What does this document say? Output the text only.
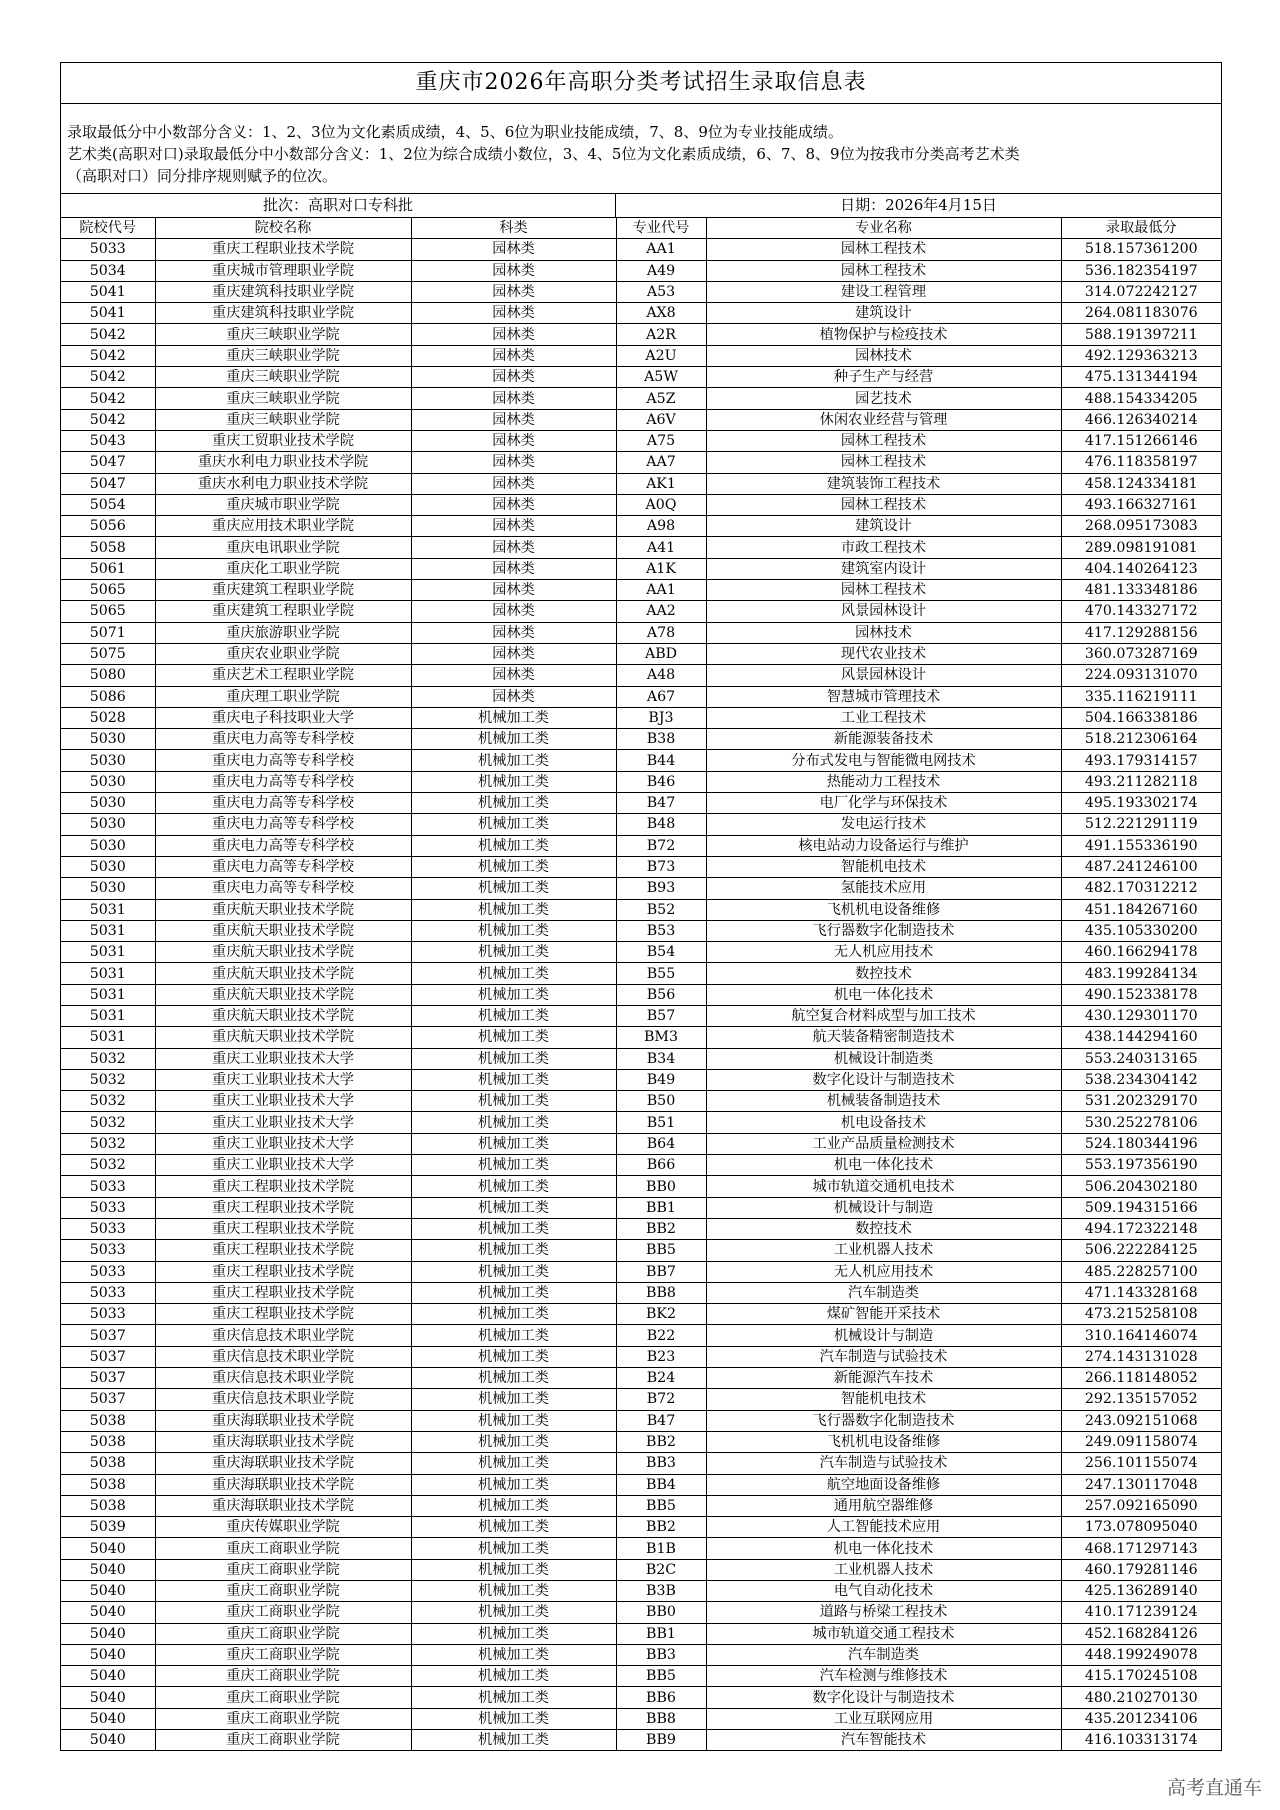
重庆市2026年高职分类考试招生录取信息表
录取最低分中小数部分含义：1、2、3位为文化素质成绩，4、5、6位为职业技能成绩，7、8、9位为专业技能成绩。
艺术类(高职对口)录取最低分中小数部分含义：1、2位为综合成绩小数位，3、4、5位为文化素质成绩，6、7、8、9位为按我市分类高考艺术类
（高职对口）同分排序规则赋予的位次。
批次：高职对口专科批	日期：2026年4月15日
院校代号	院校名称	科类	专业代号	专业名称	录取最低分
5033	重庆工程职业技术学院	园林类	AA1	园林工程技术	518.157361200
5034	重庆城市管理职业学院	园林类	A49	园林工程技术	536.182354197
5041	重庆建筑科技职业学院	园林类	A53	建设工程管理	314.072242127
5041	重庆建筑科技职业学院	园林类	AX8	建筑设计	264.081183076
5042	重庆三峡职业学院	园林类	A2R	植物保护与检疫技术	588.191397211
5042	重庆三峡职业学院	园林类	A2U	园林技术	492.129363213
5042	重庆三峡职业学院	园林类	A5W	种子生产与经营	475.131344194
5042	重庆三峡职业学院	园林类	A5Z	园艺技术	488.154334205
5042	重庆三峡职业学院	园林类	A6V	休闲农业经营与管理	466.126340214
5043	重庆工贸职业技术学院	园林类	A75	园林工程技术	417.151266146
5047	重庆水利电力职业技术学院	园林类	AA7	园林工程技术	476.118358197
5047	重庆水利电力职业技术学院	园林类	AK1	建筑装饰工程技术	458.124334181
5054	重庆城市职业学院	园林类	A0Q	园林工程技术	493.166327161
5056	重庆应用技术职业学院	园林类	A98	建筑设计	268.095173083
5058	重庆电讯职业学院	园林类	A41	市政工程技术	289.098191081
5061	重庆化工职业学院	园林类	A1K	建筑室内设计	404.140264123
5065	重庆建筑工程职业学院	园林类	AA1	园林工程技术	481.133348186
5065	重庆建筑工程职业学院	园林类	AA2	风景园林设计	470.143327172
5071	重庆旅游职业学院	园林类	A78	园林技术	417.129288156
5075	重庆农业职业学院	园林类	ABD	现代农业技术	360.073287169
5080	重庆艺术工程职业学院	园林类	A48	风景园林设计	224.093131070
5086	重庆理工职业学院	园林类	A67	智慧城市管理技术	335.116219111
5028	重庆电子科技职业大学	机械加工类	BJ3	工业工程技术	504.166338186
5030	重庆电力高等专科学校	机械加工类	B38	新能源装备技术	518.212306164
5030	重庆电力高等专科学校	机械加工类	B44	分布式发电与智能微电网技术	493.179314157
5030	重庆电力高等专科学校	机械加工类	B46	热能动力工程技术	493.211282118
5030	重庆电力高等专科学校	机械加工类	B47	电厂化学与环保技术	495.193302174
5030	重庆电力高等专科学校	机械加工类	B48	发电运行技术	512.221291119
5030	重庆电力高等专科学校	机械加工类	B72	核电站动力设备运行与维护	491.155336190
5030	重庆电力高等专科学校	机械加工类	B73	智能机电技术	487.241246100
5030	重庆电力高等专科学校	机械加工类	B93	氢能技术应用	482.170312212
5031	重庆航天职业技术学院	机械加工类	B52	飞机机电设备维修	451.184267160
5031	重庆航天职业技术学院	机械加工类	B53	飞行器数字化制造技术	435.105330200
5031	重庆航天职业技术学院	机械加工类	B54	无人机应用技术	460.166294178
5031	重庆航天职业技术学院	机械加工类	B55	数控技术	483.199284134
5031	重庆航天职业技术学院	机械加工类	B56	机电一体化技术	490.152338178
5031	重庆航天职业技术学院	机械加工类	B57	航空复合材料成型与加工技术	430.129301170
5031	重庆航天职业技术学院	机械加工类	BM3	航天装备精密制造技术	438.144294160
5032	重庆工业职业技术大学	机械加工类	B34	机械设计制造类	553.240313165
5032	重庆工业职业技术大学	机械加工类	B49	数字化设计与制造技术	538.234304142
5032	重庆工业职业技术大学	机械加工类	B50	机械装备制造技术	531.202329170
5032	重庆工业职业技术大学	机械加工类	B51	机电设备技术	530.252278106
5032	重庆工业职业技术大学	机械加工类	B64	工业产品质量检测技术	524.180344196
5032	重庆工业职业技术大学	机械加工类	B66	机电一体化技术	553.197356190
5033	重庆工程职业技术学院	机械加工类	BB0	城市轨道交通机电技术	506.204302180
5033	重庆工程职业技术学院	机械加工类	BB1	机械设计与制造	509.194315166
5033	重庆工程职业技术学院	机械加工类	BB2	数控技术	494.172322148
5033	重庆工程职业技术学院	机械加工类	BB5	工业机器人技术	506.222284125
5033	重庆工程职业技术学院	机械加工类	BB7	无人机应用技术	485.228257100
5033	重庆工程职业技术学院	机械加工类	BB8	汽车制造类	471.143328168
5033	重庆工程职业技术学院	机械加工类	BK2	煤矿智能开采技术	473.215258108
5037	重庆信息技术职业学院	机械加工类	B22	机械设计与制造	310.164146074
5037	重庆信息技术职业学院	机械加工类	B23	汽车制造与试验技术	274.143131028
5037	重庆信息技术职业学院	机械加工类	B24	新能源汽车技术	266.118148052
5037	重庆信息技术职业学院	机械加工类	B72	智能机电技术	292.135157052
5038	重庆海联职业技术学院	机械加工类	B47	飞行器数字化制造技术	243.092151068
5038	重庆海联职业技术学院	机械加工类	BB2	飞机机电设备维修	249.091158074
5038	重庆海联职业技术学院	机械加工类	BB3	汽车制造与试验技术	256.101155074
5038	重庆海联职业技术学院	机械加工类	BB4	航空地面设备维修	247.130117048
5038	重庆海联职业技术学院	机械加工类	BB5	通用航空器维修	257.092165090
5039	重庆传媒职业学院	机械加工类	BB2	人工智能技术应用	173.078095040
5040	重庆工商职业学院	机械加工类	B1B	机电一体化技术	468.171297143
5040	重庆工商职业学院	机械加工类	B2C	工业机器人技术	460.179281146
5040	重庆工商职业学院	机械加工类	B3B	电气自动化技术	425.136289140
5040	重庆工商职业学院	机械加工类	BB0	道路与桥梁工程技术	410.171239124
5040	重庆工商职业学院	机械加工类	BB1	城市轨道交通工程技术	452.168284126
5040	重庆工商职业学院	机械加工类	BB3	汽车制造类	448.199249078
5040	重庆工商职业学院	机械加工类	BB5	汽车检测与维修技术	415.170245108
5040	重庆工商职业学院	机械加工类	BB6	数字化设计与制造技术	480.210270130
5040	重庆工商职业学院	机械加工类	BB8	工业互联网应用	435.201234106
5040	重庆工商职业学院	机械加工类	BB9	汽车智能技术	416.103313174
高考直通车
